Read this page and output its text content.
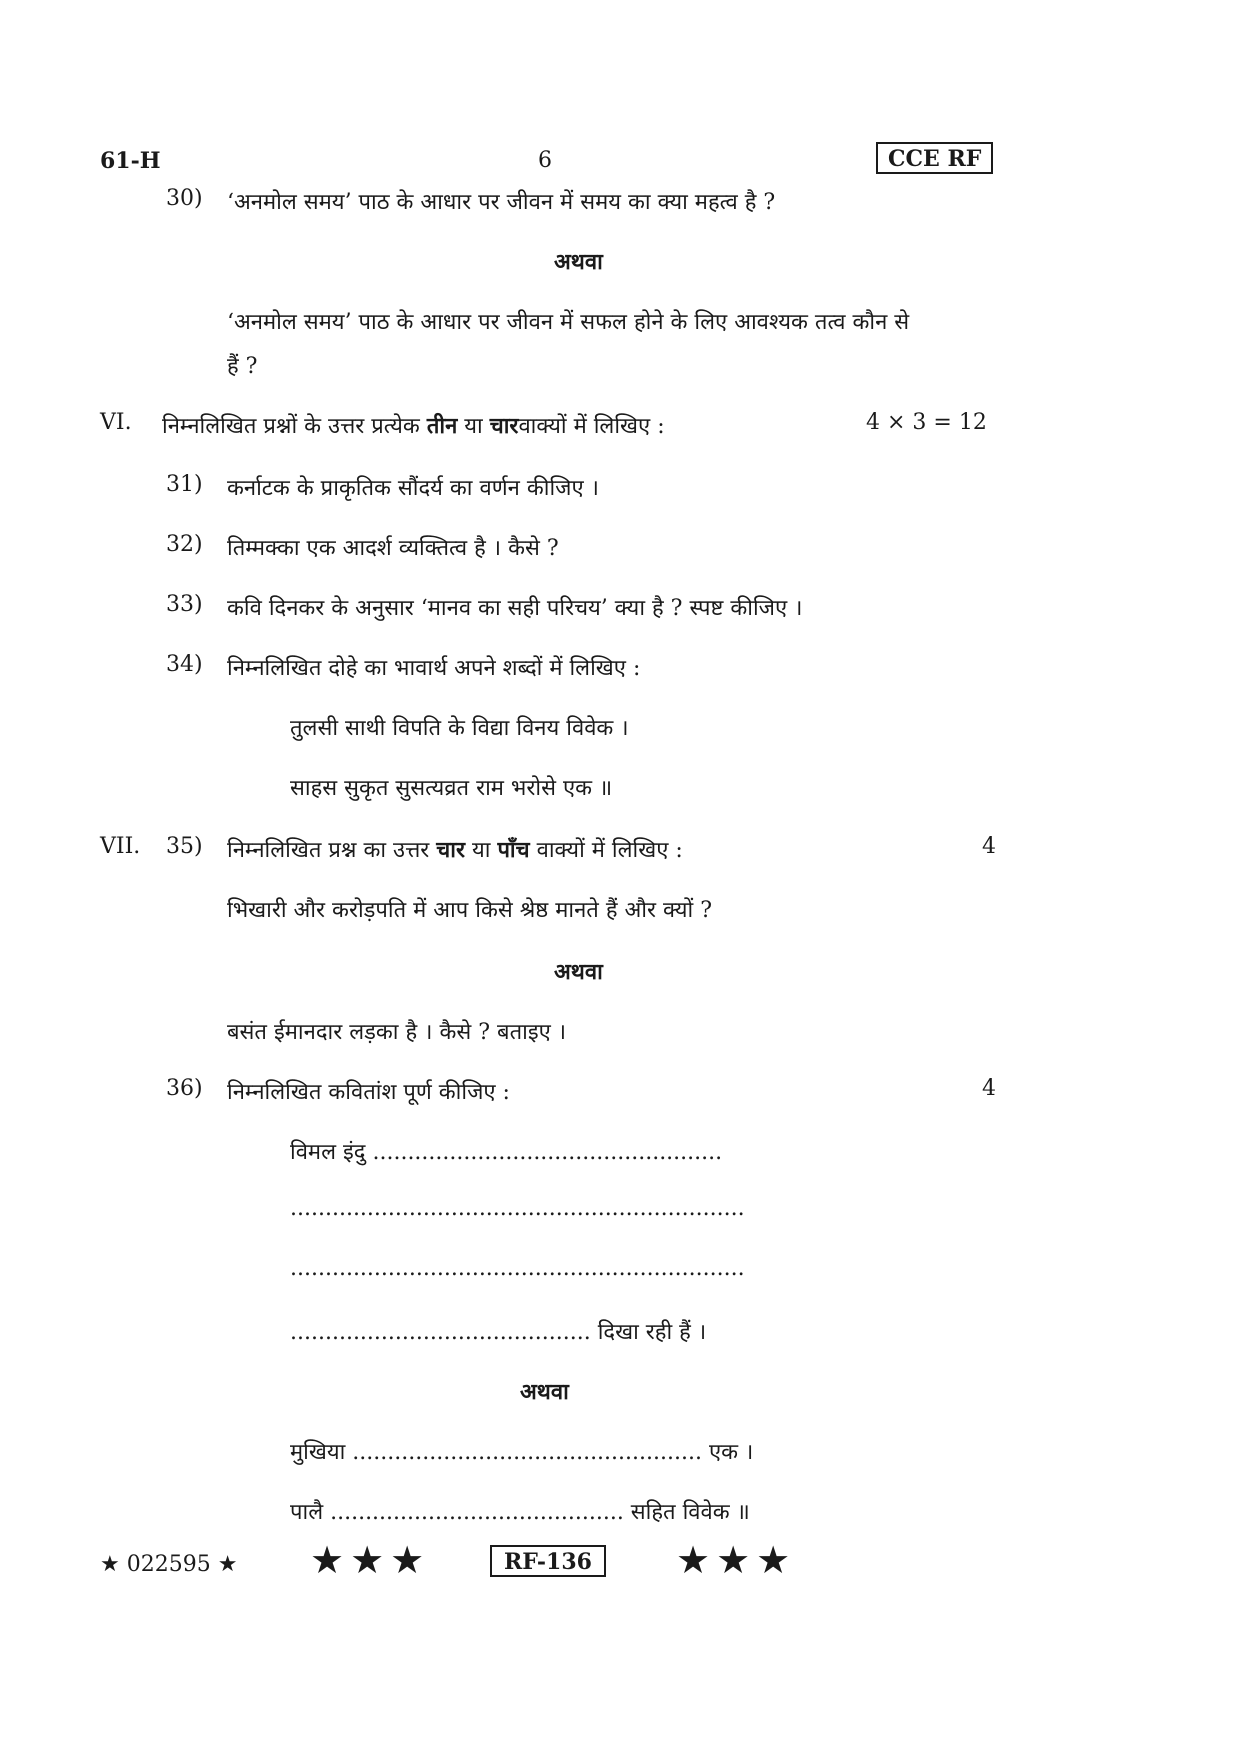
61-H	6	CCE RF
30) ‘अनमोल समय’ पाठ के आधार पर जीवन में समय का क्या महत्व है ?
अथवा
‘अनमोल समय’ पाठ के आधार पर जीवन में सफल होने के लिए आवश्यक तत्व कौन से
हैं ?
VI. निम्नलिखित प्रश्नों के उत्तर प्रत्येक तीन या चारवाक्यों में लिखिए :	4 × 3 = 12
31) कर्नाटक के प्राकृतिक सौंदर्य का वर्णन कीजिए ।
32) तिम्मक्का एक आदर्श व्यक्तित्व है । कैसे ?
33) कवि दिनकर के अनुसार ‘मानव का सही परिचय’ क्या है ? स्पष्ट कीजिए ।
34) निम्नलिखित दोहे का भावार्थ अपने शब्दों में लिखिए :
तुलसी साथी विपति के विद्या विनय विवेक ।
साहस सुकृत सुसत्यव्रत राम भरोसे एक ॥
VII. 35) निम्नलिखित प्रश्न का उत्तर चार या पाँच वाक्यों में लिखिए :	4
भिखारी और करोड़पति में आप किसे श्रेष्ठ मानते हैं और क्यों ?
अथवा
बसंत ईमानदार लड़का है । कैसे ? बताइए ।
36) निम्नलिखित कवितांश पूर्ण कीजिए :	4
विमल इंदु ..................................................
.................................................................
.................................................................
........................................... दिखा रही हैं ।
अथवा
मुखिया .................................................. एक ।
पालै .......................................... सहित विवेक ॥
★ 022595 ★ ★★★	RF-136	★★★
